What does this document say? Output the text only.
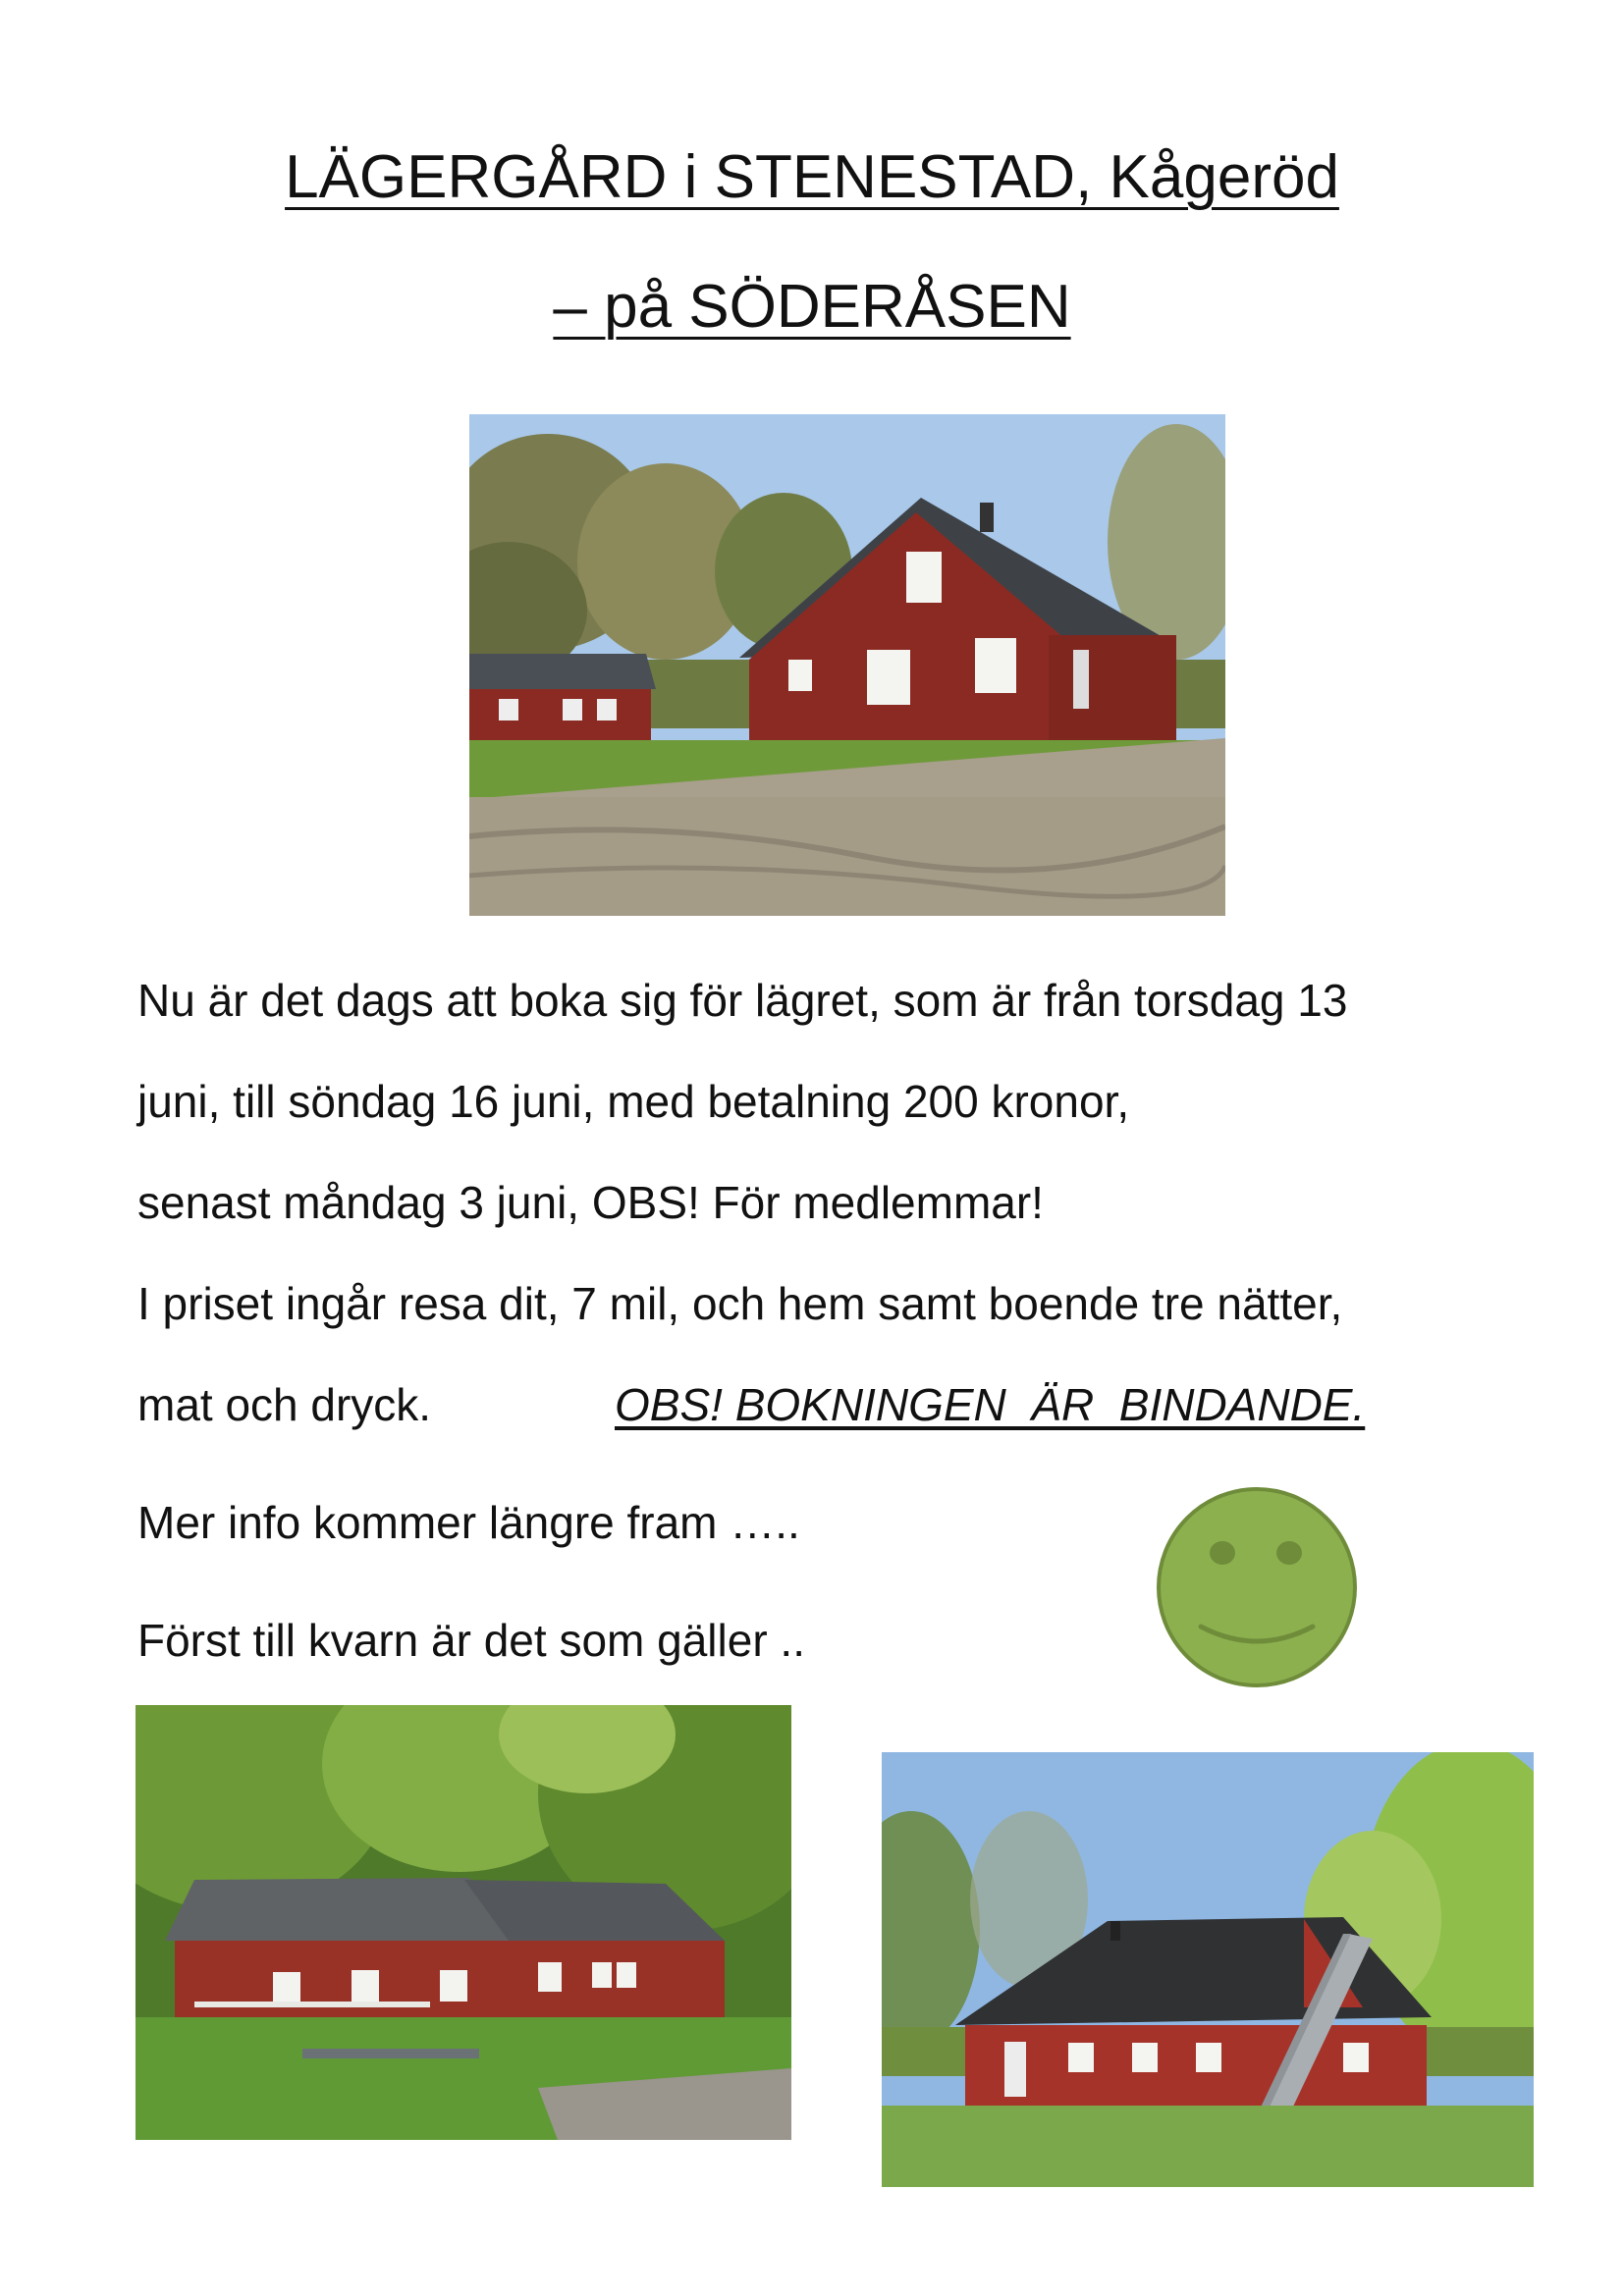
LÄGERGÅRD i STENESTAD, Kågeröd
– på SÖDERÅSEN
Nu är det dags att boka sig för lägret, som är från torsdag 13
juni, till söndag 16 juni, med betalning 200 kronor,
senast måndag 3 juni, OBS! För medlemmar!
I priset ingår resa dit, 7 mil, och hem samt boende tre nätter,
mat och dryck.	OBS! BOKNINGEN  ÄR  BINDANDE.
Mer info kommer längre fram …..
Först till kvarn är det som gäller ..
